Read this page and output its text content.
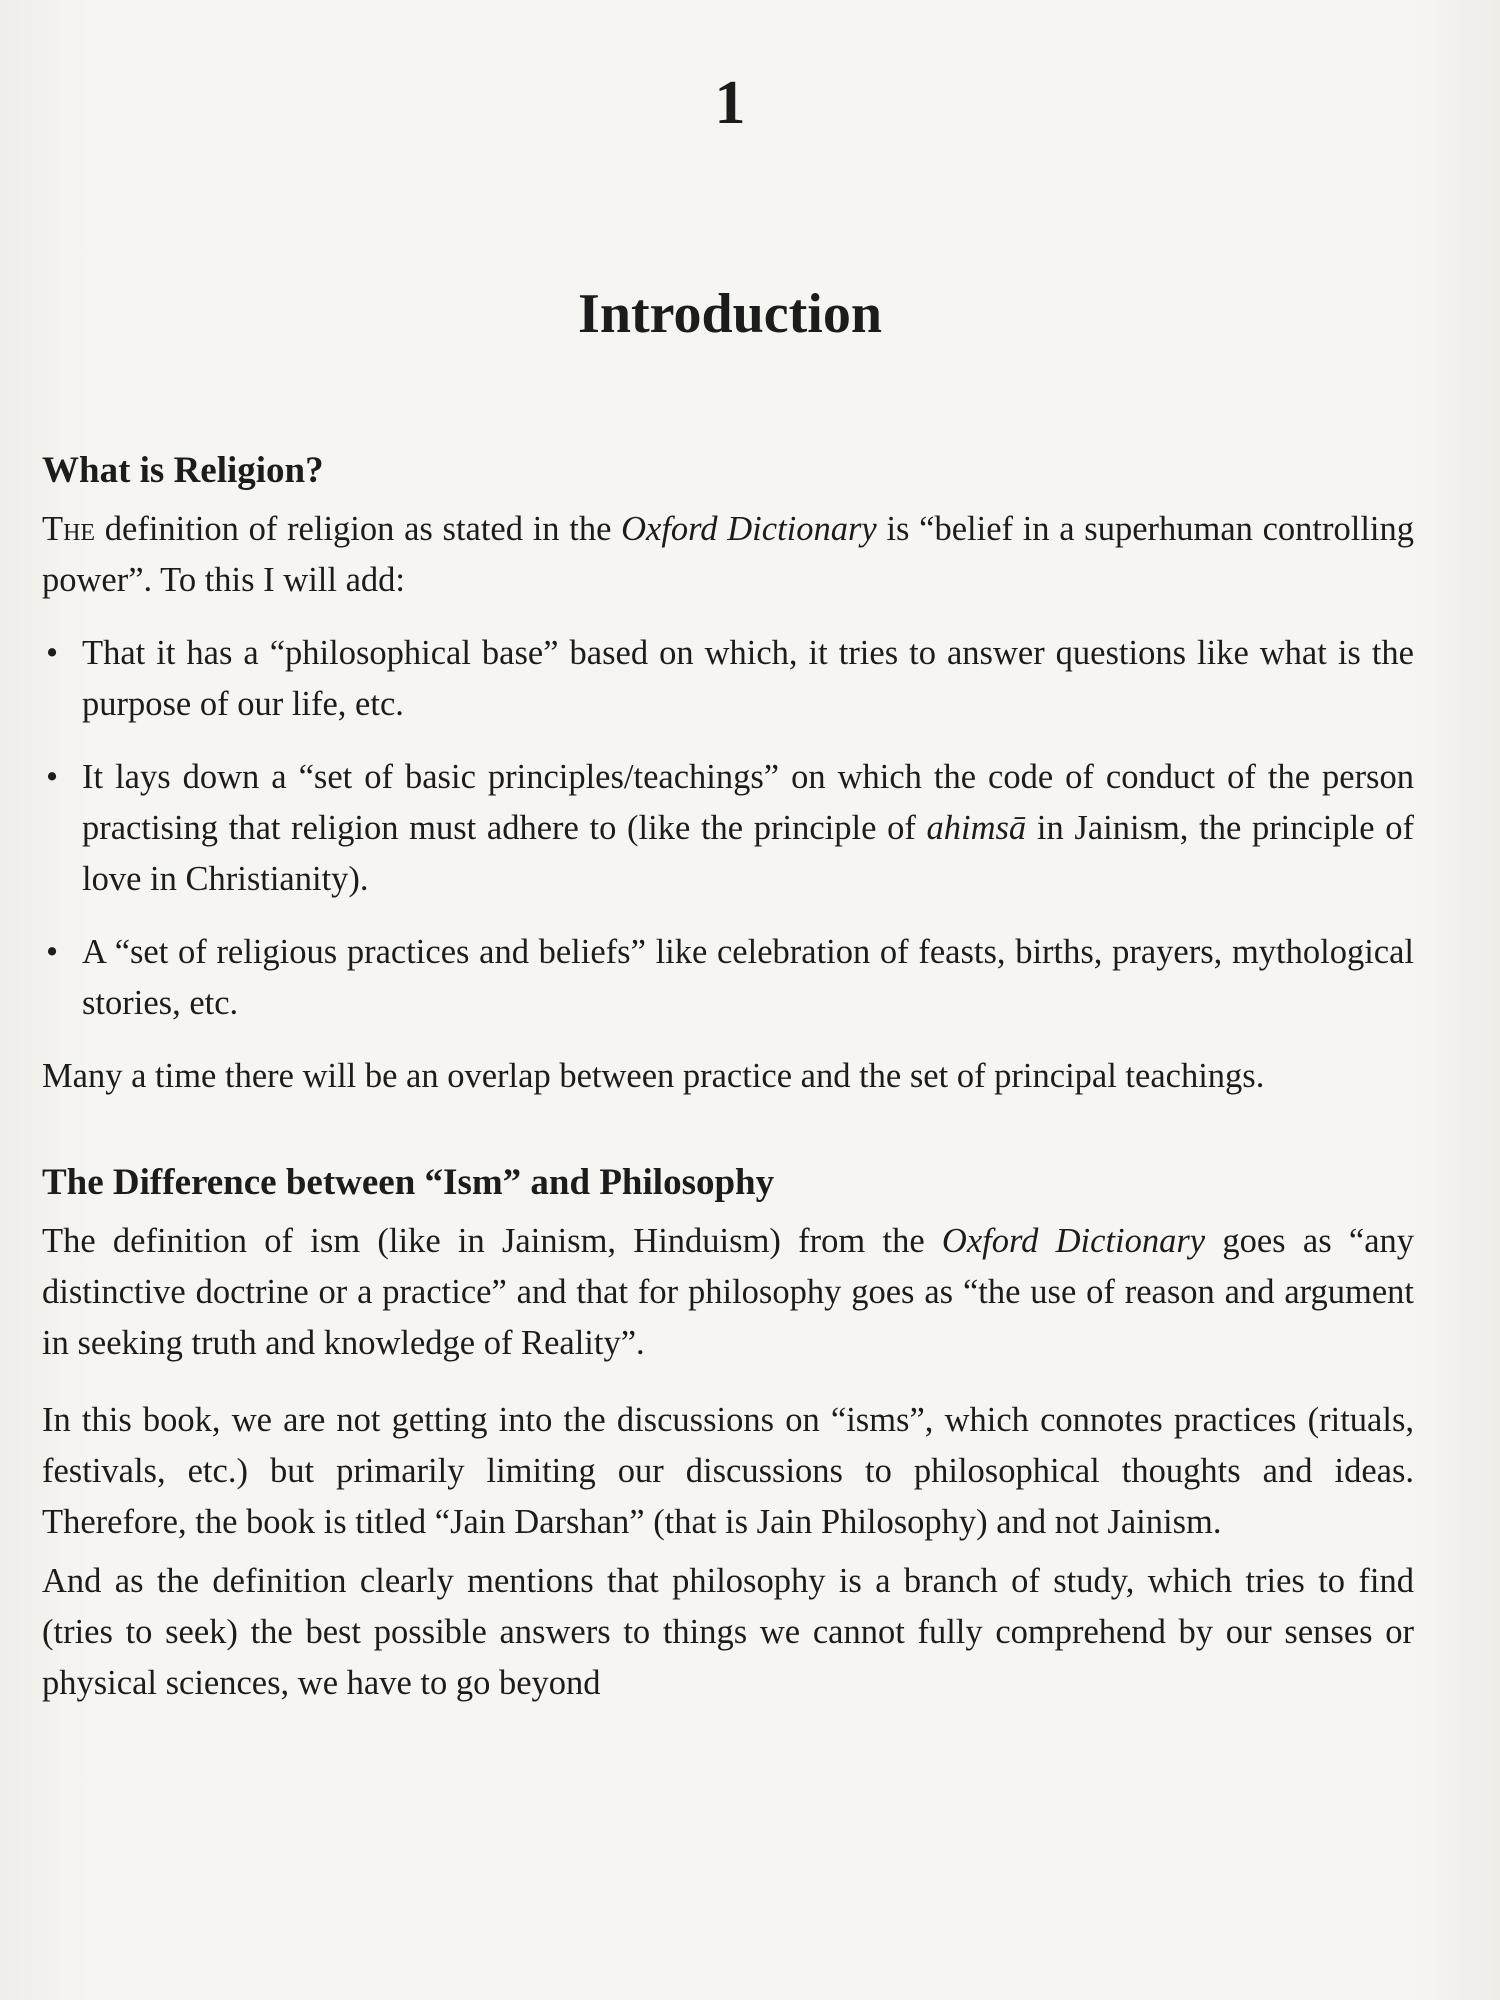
1
Introduction
What is Religion?

The definition of religion as stated in the Oxford Dictionary is “belief in a superhuman controlling power”. To this I will add:

• That it has a “philosophical base” based on which, it tries to answer questions like what is the purpose of our life, etc.
• It lays down a “set of basic principles/teachings” on which the code of conduct of the person practising that religion must adhere to (like the principle of ahimsā in Jainism, the principle of love in Christianity).
• A “set of religious practices and beliefs” like celebration of feasts, births, prayers, mythological stories, etc.

Many a time there will be an overlap between practice and the set of principal teachings.

The Difference between “Ism” and Philosophy

The definition of ism (like in Jainism, Hinduism) from the Oxford Dictionary goes as “any distinctive doctrine or a practice” and that for philosophy goes as “the use of reason and argument in seeking truth and knowledge of Reality”.

In this book, we are not getting into the discussions on “isms”, which connotes practices (rituals, festivals, etc.) but primarily limiting our discussions to philosophical thoughts and ideas. Therefore, the book is titled “Jain Darshan” (that is Jain Philosophy) and not Jainism.

And as the definition clearly mentions that philosophy is a branch of study, which tries to find (tries to seek) the best possible answers to things we cannot fully comprehend by our senses or physical sciences, we have to go beyond
